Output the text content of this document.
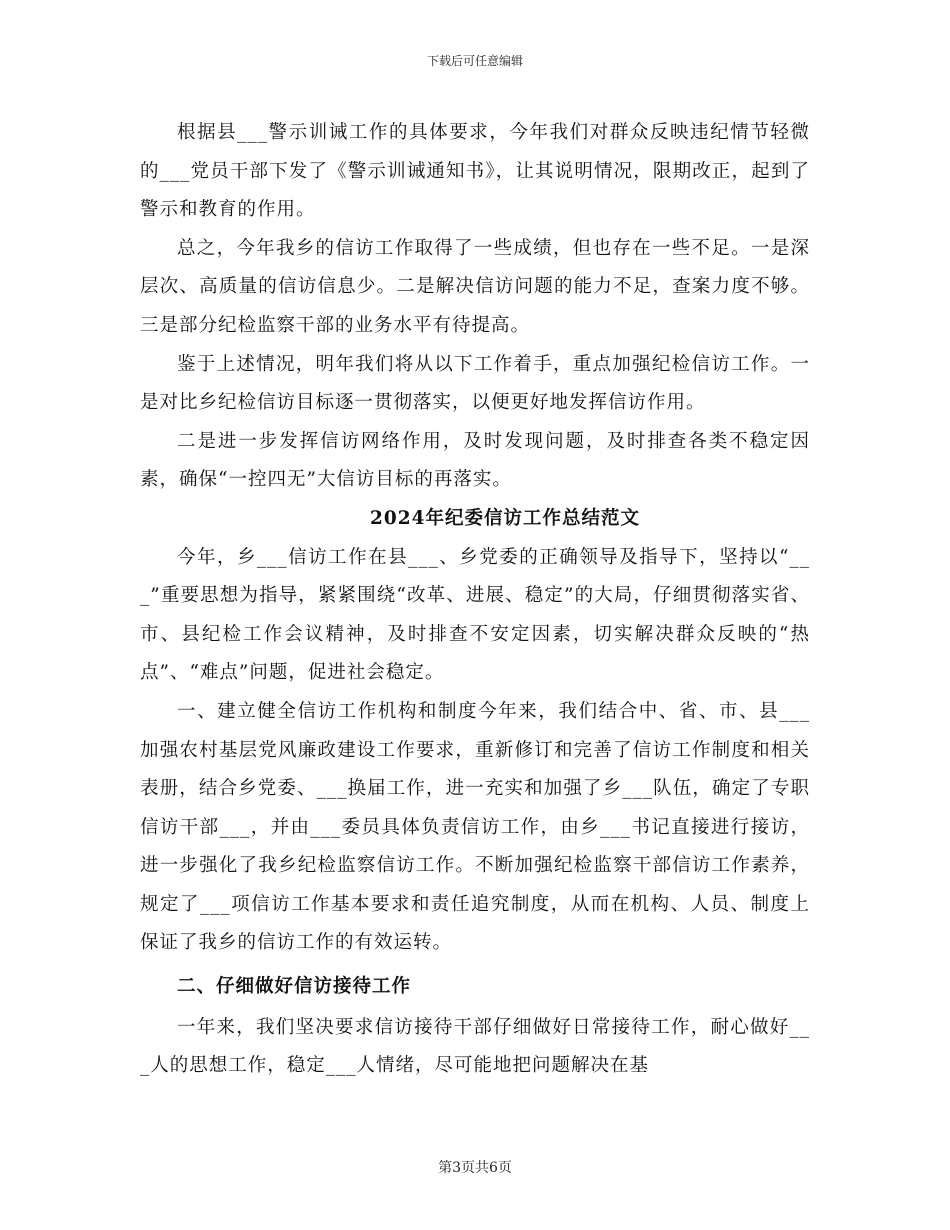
下载后可任意编辑

根据县___警示训诫工作的具体要求，今年我们对群众反映违纪情节轻微的___党员干部下发了《警示训诫通知书》，让其说明情况，限期改正，起到了警示和教育的作用。

总之，今年我乡的信访工作取得了一些成绩，但也存在一些不足。一是深层次、高质量的信访信息少。二是解决信访问题的能力不足，查案力度不够。三是部分纪检监察干部的业务水平有待提高。

鉴于上述情况，明年我们将从以下工作着手，重点加强纪检信访工作。一是对比乡纪检信访目标逐一贯彻落实，以便更好地发挥信访作用。

二是进一步发挥信访网络作用，及时发现问题，及时排查各类不稳定因素，确保“一控四无”大信访目标的再落实。

2024年纪委信访工作总结范文

今年，乡___信访工作在县___、乡党委的正确领导及指导下，坚持以“___”重要思想为指导，紧紧围绕“改革、进展、稳定”的大局，仔细贯彻落实省、市、县纪检工作会议精神，及时排查不安定因素，切实解决群众反映的“热点”、“难点”问题，促进社会稳定。

一、建立健全信访工作机构和制度今年来，我们结合中、省、市、县___加强农村基层党风廉政建设工作要求，重新修订和完善了信访工作制度和相关表册，结合乡党委、___换届工作，进一充实和加强了乡___队伍，确定了专职信访干部___，并由___委员具体负责信访工作，由乡___书记直接进行接访，进一步强化了我乡纪检监察信访工作。不断加强纪检监察干部信访工作素养，规定了___项信访工作基本要求和责任追究制度，从而在机构、人员、制度上保证了我乡的信访工作的有效运转。

二、仔细做好信访接待工作

一年来，我们坚决要求信访接待干部仔细做好日常接待工作，耐心做好___人的思想工作，稳定___人情绪，尽可能地把问题解决在基

第3页共6页
